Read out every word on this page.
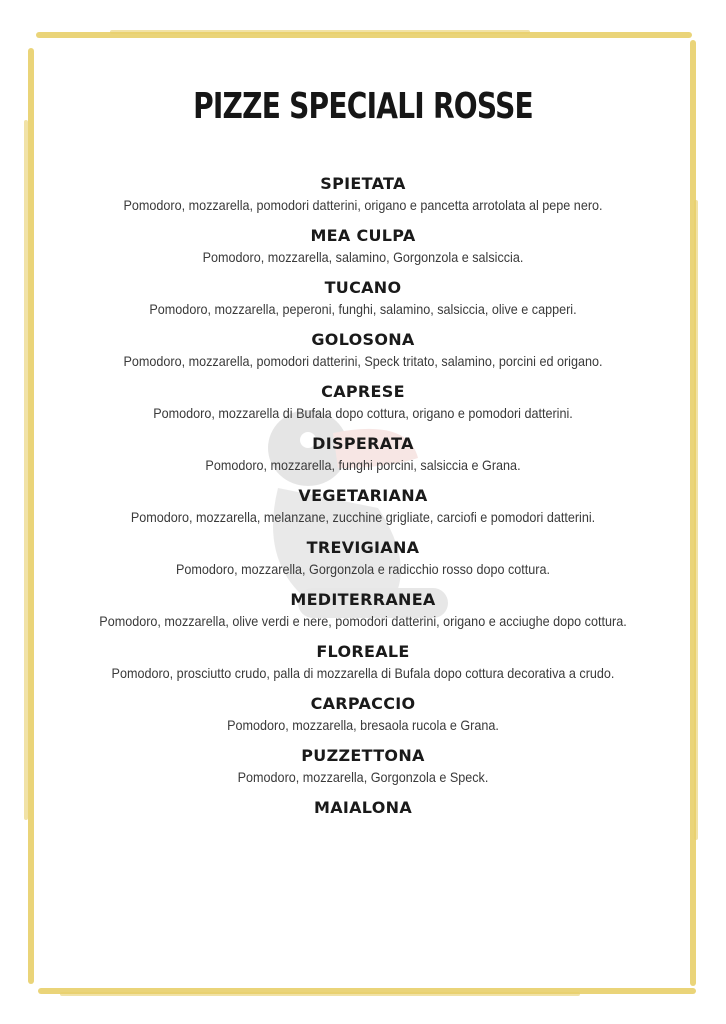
PIZZE SPECIALI ROSSE
SPIETATA
Pomodoro, mozzarella, pomodori datterini, origano e pancetta arrotolata al pepe nero.
MEA CULPA
Pomodoro, mozzarella, salamino, Gorgonzola e salsiccia.
TUCANO
Pomodoro, mozzarella, peperoni, funghi, salamino, salsiccia, olive e capperi.
GOLOSONA
Pomodoro, mozzarella, pomodori datterini, Speck tritato, salamino, porcini ed origano.
CAPRESE
Pomodoro, mozzarella di Bufala dopo cottura, origano e pomodori datterini.
DISPERATA
Pomodoro, mozzarella, funghi porcini, salsiccia e Grana.
VEGETARIANA
Pomodoro, mozzarella, melanzane, zucchine grigliate, carciofi e pomodori datterini.
TREVIGIANA
Pomodoro, mozzarella, Gorgonzola e radicchio rosso dopo cottura.
MEDITERRANEA
Pomodoro, mozzarella, olive verdi e nere, pomodori datterini, origano e acciughe dopo cottura.
FLOREALE
Pomodoro, prosciutto crudo, palla di mozzarella di Bufala dopo cottura decorativa a crudo.
CARPACCIO
Pomodoro, mozzarella, bresaola rucola e Grana.
PUZZETTONA
Pomodoro, mozzarella, Gorgonzola e Speck.
MAIALONA
